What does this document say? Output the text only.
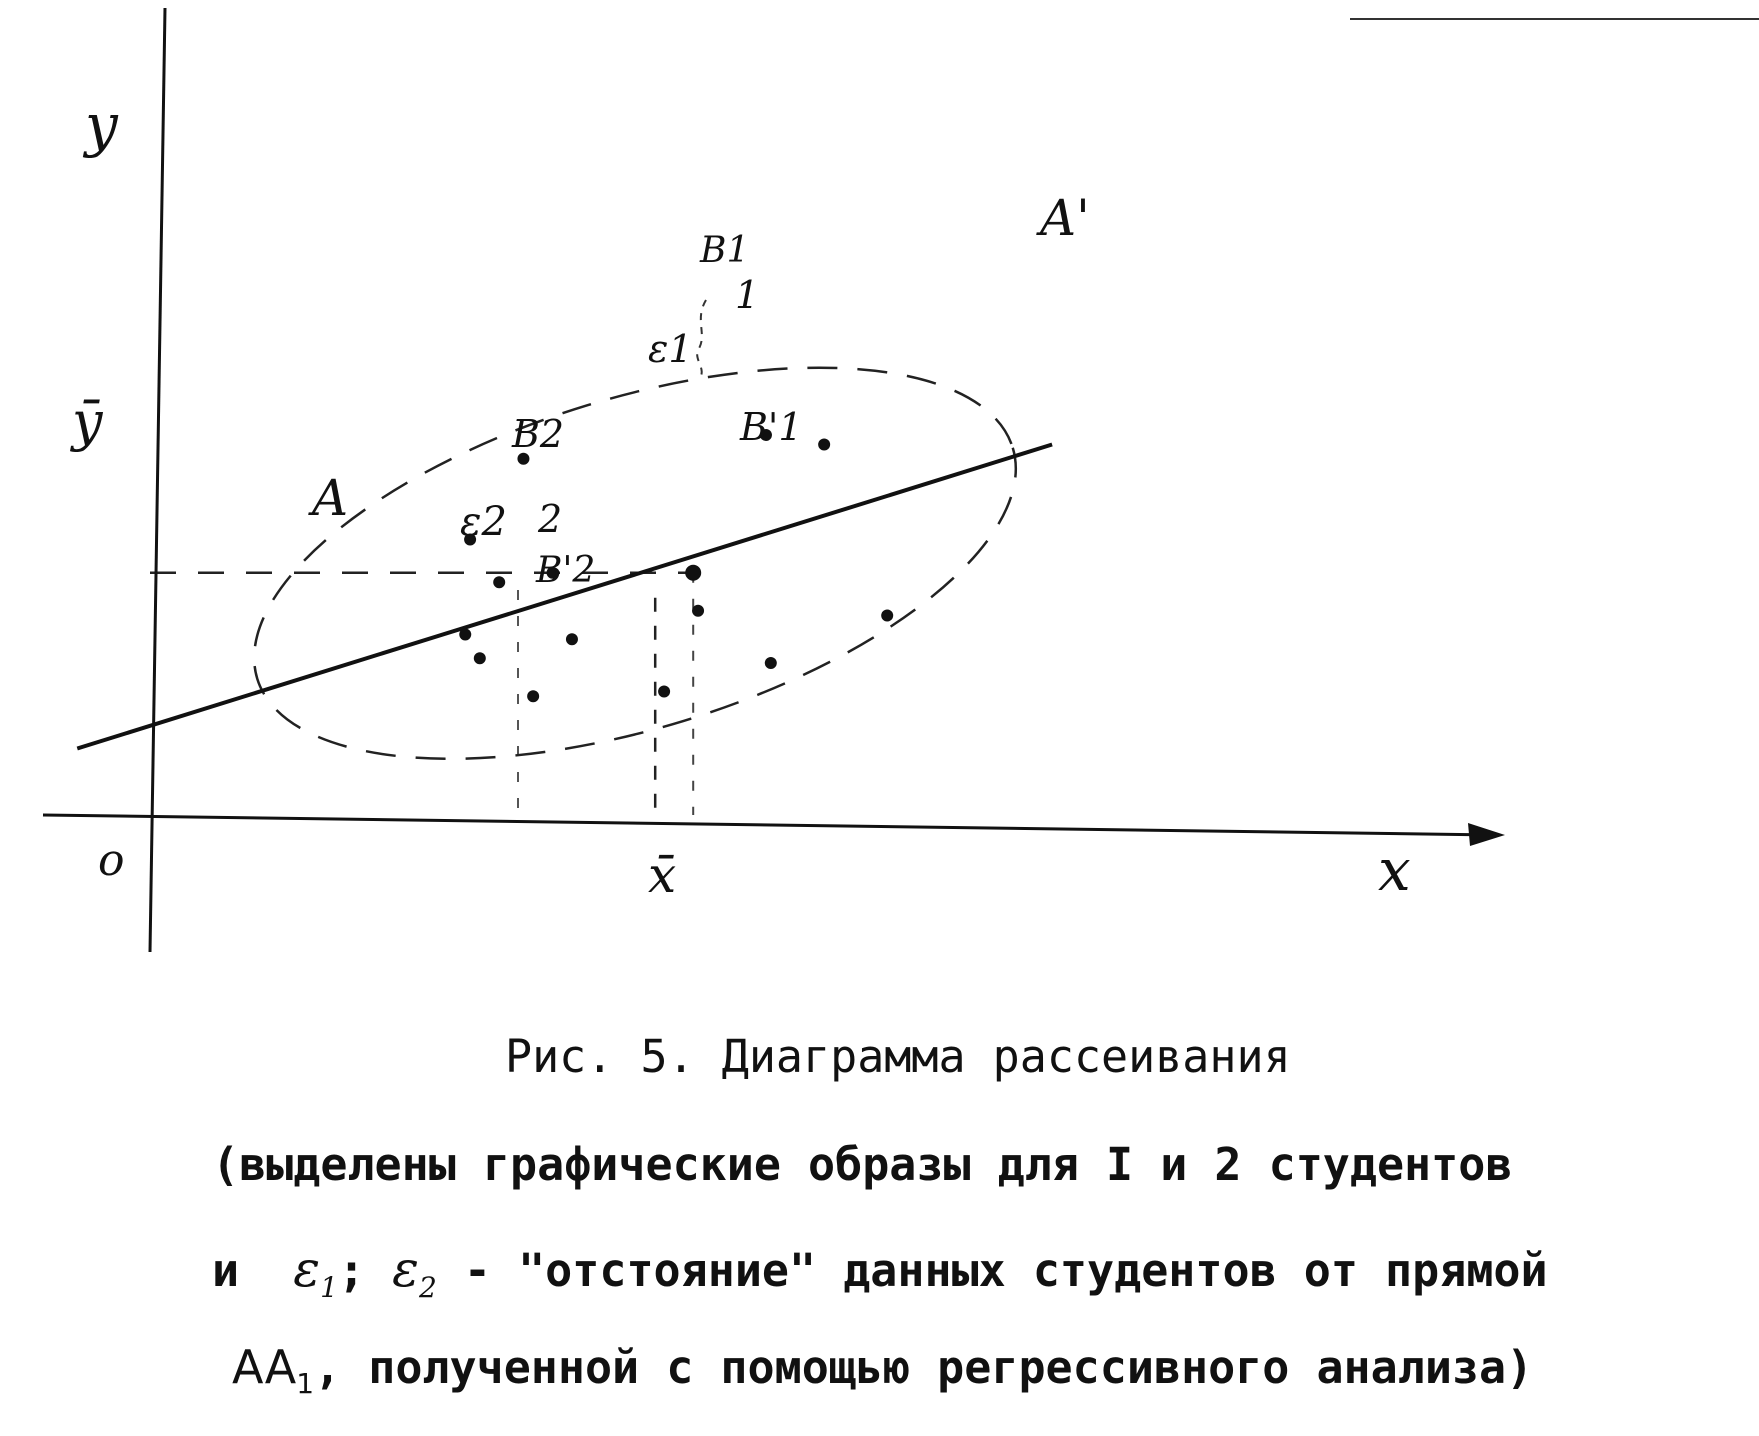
y
x
o	x̄
ȳ
A
A'
1
B1
B'1
B2
B'2
ε1
ε2 2
Рис. 5. Диаграмма рассеивания
(выделены графические образы для I и 2 студентов
и $\varepsilon_1$; $\varepsilon_2$ - "отстояние" данных студентов от прямой
$AA_1$, полученной с помощью регрессивного анализа)
